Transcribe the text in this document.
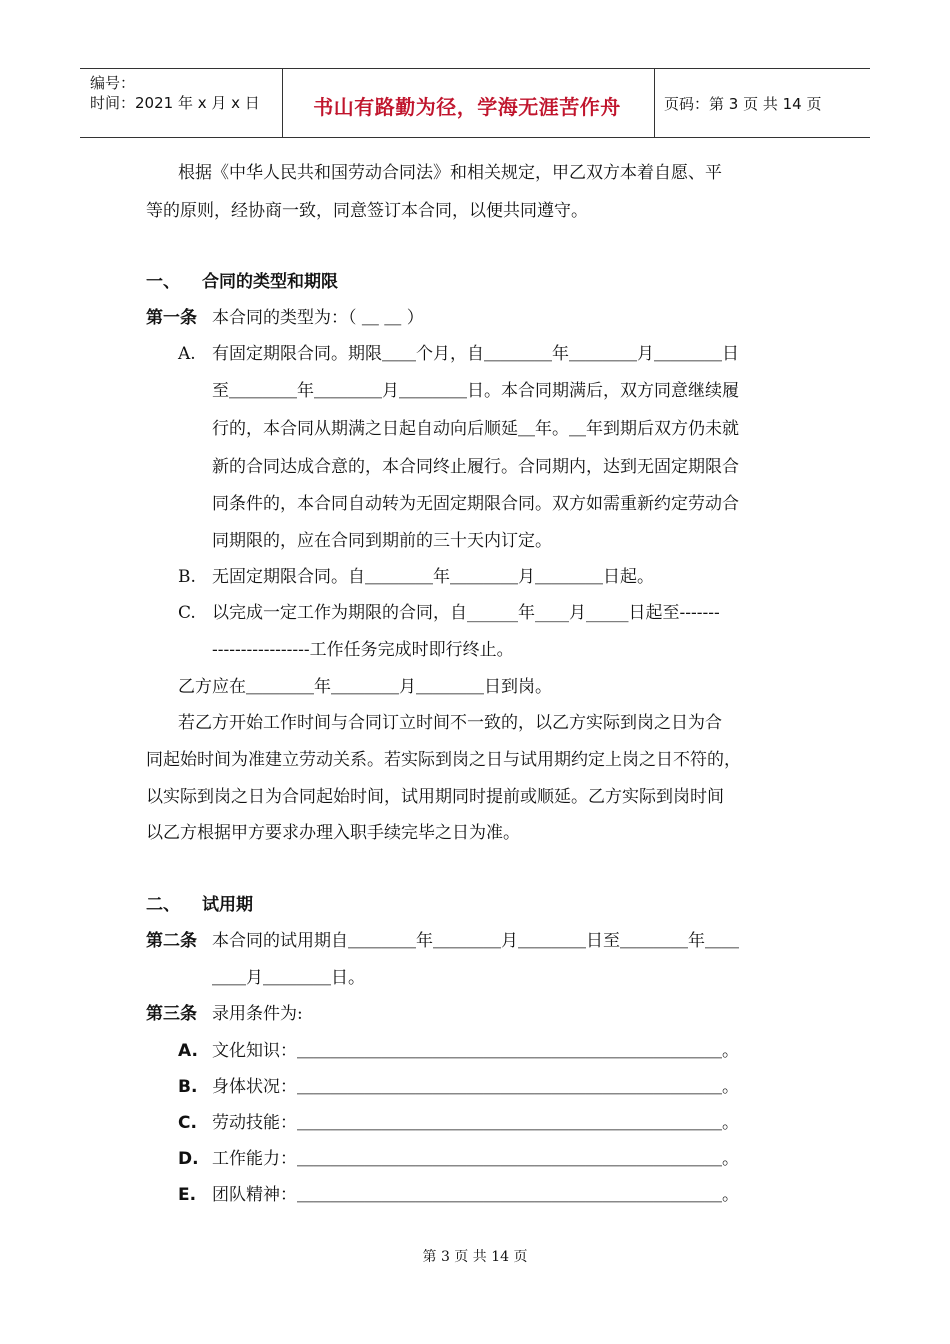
编号：
时间：2021 年 x 月 x 日	书山有路勤为径，学海无涯苦作舟	页码：第 3 页 共 14 页
根据《中华人民共和国劳动合同法》和相关规定，甲乙双方本着自愿、平
等的原则，经协商一致，同意签订本合同，以便共同遵守。
一、 合同的类型和期限
第一条 本合同的类型为：（ ＿ ＿ ）
A. 有固定期限合同。期限＿＿个月，自＿＿＿＿年＿＿＿＿月＿＿＿＿日
至＿＿＿＿年＿＿＿＿月＿＿＿＿日。本合同期满后，双方同意继续履
行的，本合同从期满之日起自动向后顺延＿年。＿年到期后双方仍未就
新的合同达成合意的，本合同终止履行。合同期内，达到无固定期限合
同条件的，本合同自动转为无固定期限合同。双方如需重新约定劳动合
同期限的，应在合同到期前的三十天内订定。
B. 无固定期限合同。自＿＿＿＿年＿＿＿＿月＿＿＿＿日起。
C. 以完成一定工作为期限的合同，自______年____月_____日起至-------
-----------------工作任务完成时即行终止。
乙方应在＿＿＿＿年＿＿＿＿月＿＿＿＿日到岗。
若乙方开始工作时间与合同订立时间不一致的，以乙方实际到岗之日为合
同起始时间为准建立劳动关系。若实际到岗之日与试用期约定上岗之日不符的，
以实际到岗之日为合同起始时间，试用期同时提前或顺延。乙方实际到岗时间
以乙方根据甲方要求办理入职手续完毕之日为准。
二、 试用期
第二条 本合同的试用期自＿＿＿＿年＿＿＿＿月＿＿＿＿日至＿＿＿＿年＿＿
＿＿月＿＿＿＿日。
第三条 录用条件为:
A. 文化知识：＿＿＿＿＿＿＿＿＿＿＿＿＿＿＿＿＿＿＿＿＿＿＿＿＿。
B. 身体状况：＿＿＿＿＿＿＿＿＿＿＿＿＿＿＿＿＿＿＿＿＿＿＿＿＿。
C. 劳动技能：＿＿＿＿＿＿＿＿＿＿＿＿＿＿＿＿＿＿＿＿＿＿＿＿＿。
D. 工作能力：＿＿＿＿＿＿＿＿＿＿＿＿＿＿＿＿＿＿＿＿＿＿＿＿＿。
E. 团队精神：＿＿＿＿＿＿＿＿＿＿＿＿＿＿＿＿＿＿＿＿＿＿＿＿＿。
第 3 页 共 14 页
